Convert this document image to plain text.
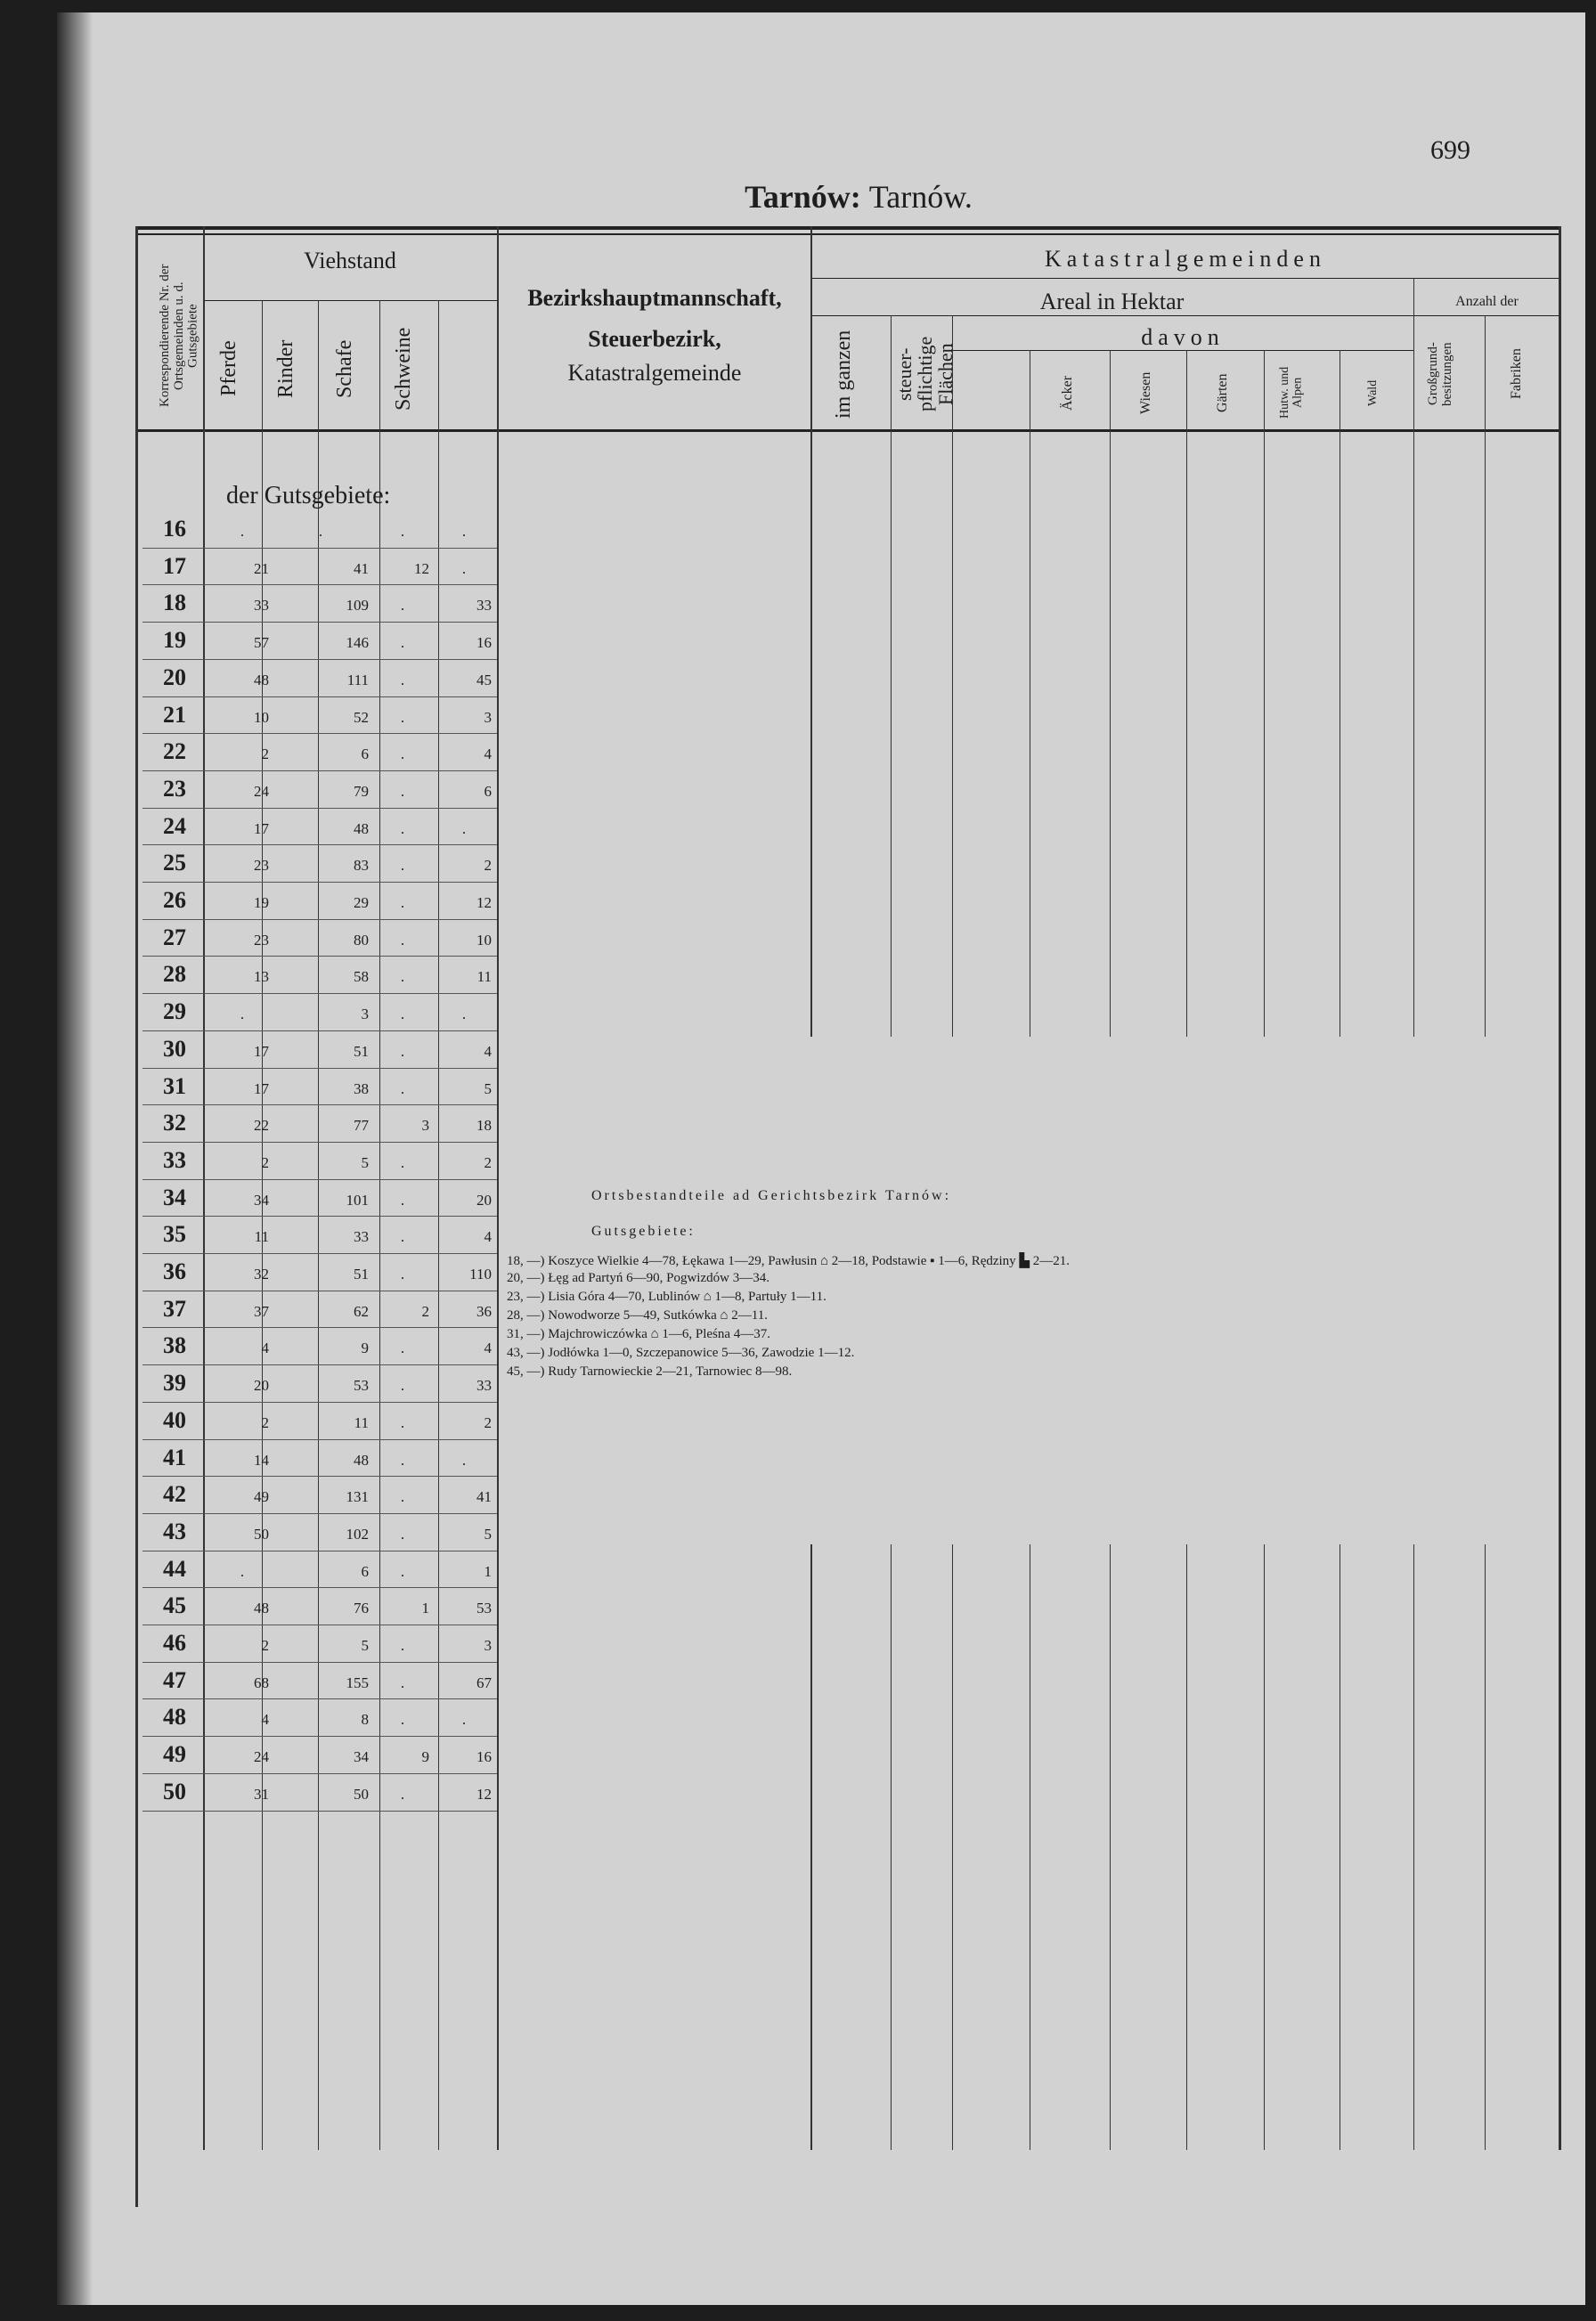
699
Tarnów: Tarnów.
Korrespondierende Nr. der Ortsgemeinden u. d. Gutsgebiete
Viehstand
Pferde	Rinder	Schafe	Schweine
Bezirkshauptmannschaft,
Steuerbezirk,
Katastralgemeinde
Katastralgemeinden
Areal in Hektar	Anzahl der
davon
im ganzen	steuer-pflichtige Flächen	Äcker	Wiesen	Gärten	Hutw. und Alpen	Wald	Großgrund-besitzungen	Fabriken
der Gutsgebiete:
16	.	.	.	.
17	21	41	12	.
18	33	109	.	33
19	57	146	.	16
20	48	111	.	45
21	10	52	.	3
22	2	6	.	4
23	24	79	.	6
24	17	48	.	.
25	23	83	.	2
26	19	29	.	12
27	23	80	.	10
28	13	58	.	11
29	.	3	.	.
30	17	51	.	4
31	17	38	.	5
32	22	77	3	18
33	2	5	.	2
34	34	101	.	20
35	11	33	.	4
36	32	51	.	110
37	37	62	2	36
38	4	9	.	4
39	20	53	.	33
40	2	11	.	2
41	14	48	.	.
42	49	131	.	41
43	50	102	.	5
44	.	6	.	1
45	48	76	1	53
46	2	5	.	3
47	68	155	.	67
48	4	8	.	.
49	24	34	9	16
50	31	50	.	12
Ortsbestandteile ad Gerichtsbezirk Tarnów:
Gutsgebiete:
18, —) Koszyce Wielkie 4—78, Łękawa 1—29, Pawłusin ⌂ 2—18, Podstawie ▪ 1—6, Rędziny ▙ 2—21.
20, —) Łęg ad Partyń 6—90, Pogwizdów 3—34.
23, —) Lisia Góra 4—70, Lublinów ⌂ 1—8, Partuły 1—11.
28, —) Nowodworze 5—49, Sutkówka ⌂ 2—11.
31, —) Majchrowiczówka ⌂ 1—6, Pleśna 4—37.
43, —) Jodłówka 1—0, Szczepanowice 5—36, Zawodzie 1—12.
45, —) Rudy Tarnowieckie 2—21, Tarnowiec 8—98.
